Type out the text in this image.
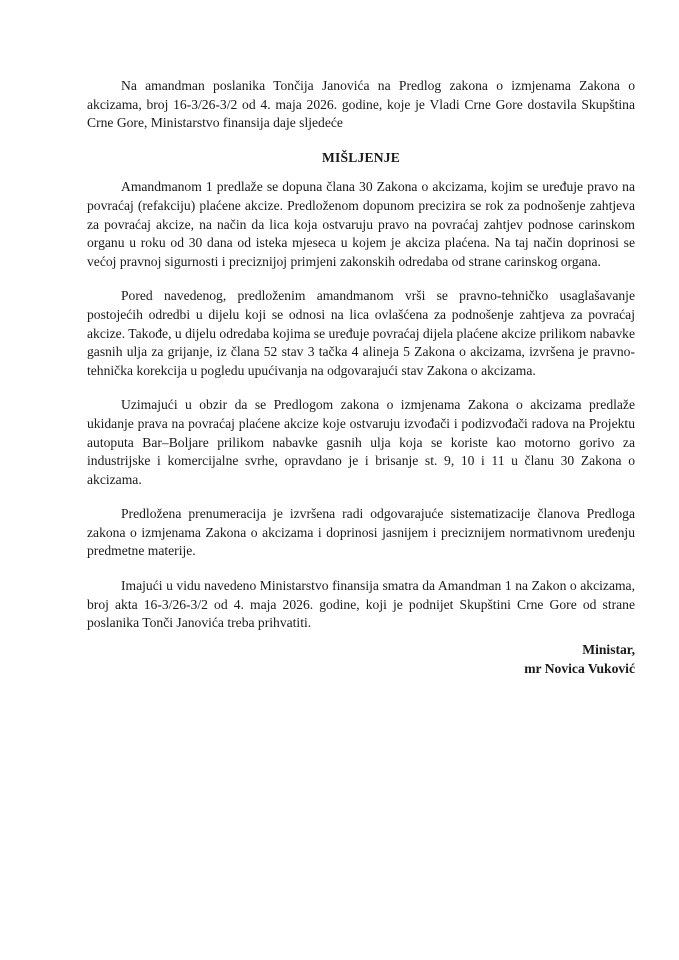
Na amandman poslanika Tončija Janovića na Predlog zakona o izmjenama Zakona o akcizama, broj 16-3/26-3/2 od 4. maja 2026. godine, koje je Vladi Crne Gore dostavila Skupština Crne Gore, Ministarstvo finansija daje sljedeće

MIŠLJENJE

Amandmanom 1 predlaže se dopuna člana 30 Zakona o akcizama, kojim se uređuje pravo na povraćaj (refakciju) plaćene akcize. Predloženom dopunom precizira se rok za podnošenje zahtjeva za povraćaj akcize, na način da lica koja ostvaruju pravo na povraćaj zahtjev podnose carinskom organu u roku od 30 dana od isteka mjeseca u kojem je akciza plaćena. Na taj način doprinosi se većoj pravnoj sigurnosti i preciznijoj primjeni zakonskih odredaba od strane carinskog organa.

Pored navedenog, predloženim amandmanom vrši se pravno-tehničko usaglašavanje postojećih odredbi u dijelu koji se odnosi na lica ovlašćena za podnošenje zahtjeva za povraćaj akcize. Takođe, u dijelu odredaba kojima se uređuje povraćaj dijela plaćene akcize prilikom nabavke gasnih ulja za grijanje, iz člana 52 stav 3 tačka 4 alineja 5 Zakona o akcizama, izvršena je pravno-tehnička korekcija u pogledu upućivanja na odgovarajući stav Zakona o akcizama.

Uzimajući u obzir da se Predlogom zakona o izmjenama Zakona o akcizama predlaže ukidanje prava na povraćaj plaćene akcize koje ostvaruju izvođači i podizvođači radova na Projektu autoputa Bar–Boljare prilikom nabavke gasnih ulja koja se koriste kao motorno gorivo za industrijske i komercijalne svrhe, opravdano je i brisanje st. 9, 10 i 11 u članu 30 Zakona o akcizama.

Predložena prenumeracija je izvršena radi odgovarajuće sistematizacije članova Predloga zakona o izmjenama Zakona o akcizama i doprinosi jasnijem i preciznijem normativnom uređenju predmetne materije.

Imajući u vidu navedeno Ministarstvo finansija smatra da Amandman 1 na Zakon o akcizama, broj akta 16-3/26-3/2 od 4. maja 2026. godine, koji je podnijet Skupštini Crne Gore od strane poslanika Tonči Janovića treba prihvatiti.

Ministar,
mr Novica Vuković
